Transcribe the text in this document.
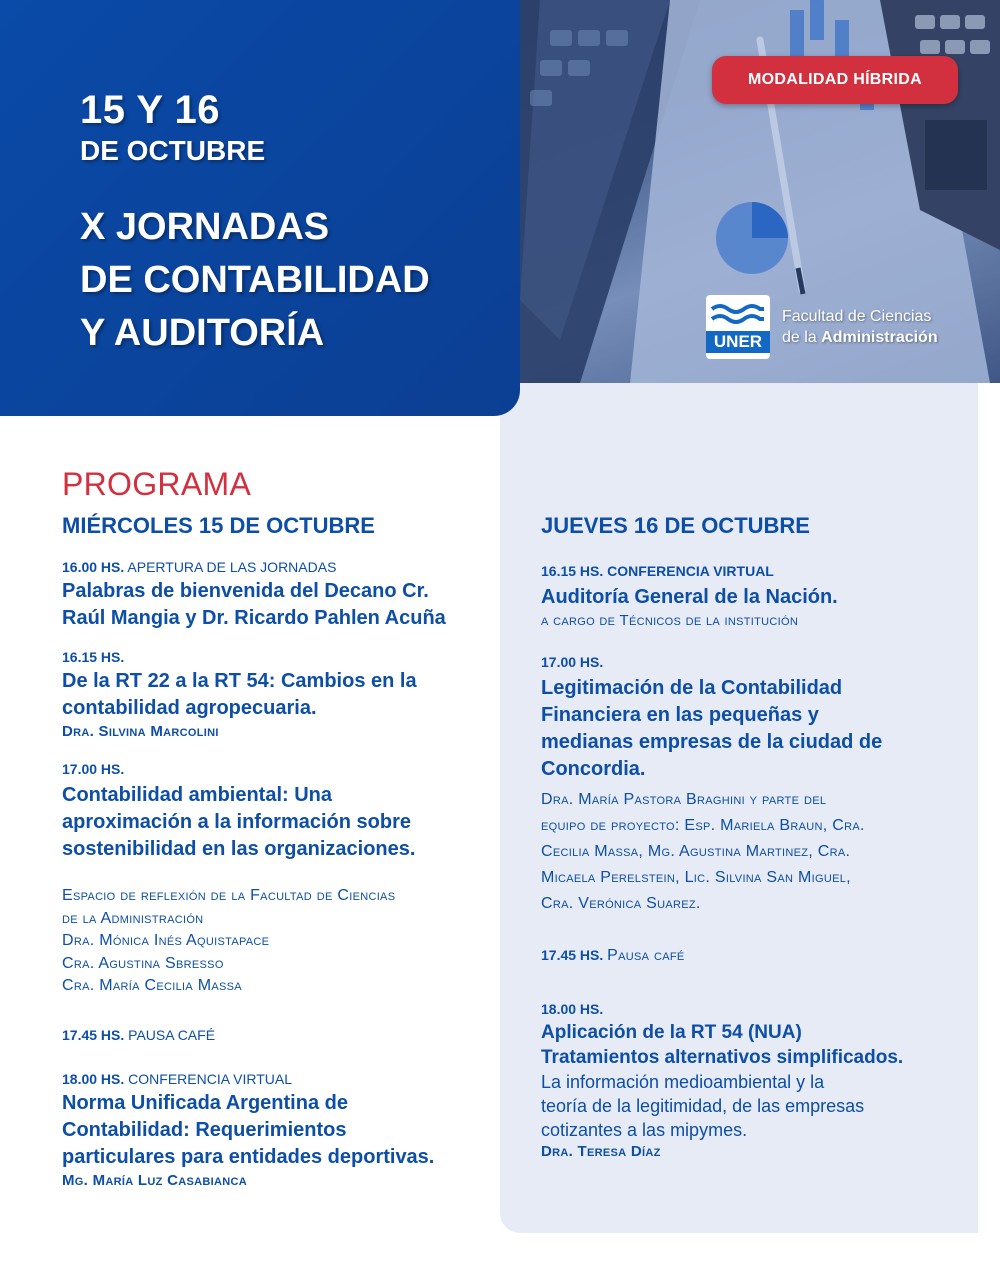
15 Y 16
DE OCTUBRE
X JORNADAS
DE CONTABILIDAD
Y AUDITORÍA
MODALIDAD HÍBRIDA
UNER
Facultad de Ciencias
de la Administración
PROGRAMA
MIÉRCOLES 15 DE OCTUBRE
16.00 HS. APERTURA DE LAS JORNADAS
Palabras de bienvenida del Decano Cr.
Raúl Mangia y Dr. Ricardo Pahlen Acuña
16.15 HS.
De la RT 22 a la RT 54: Cambios en la
contabilidad agropecuaria.
Dra. Silvina Marcolini
17.00 HS.
Contabilidad ambiental: Una
aproximación a la información sobre
sostenibilidad en las organizaciones.
Espacio de reflexión de la Facultad de Ciencias
de la Administración
Dra. Mónica Inés Aquistapace
Cra. Agustina Sbresso
Cra. María Cecilia Massa
17.45 HS. PAUSA CAFÉ
18.00 HS. CONFERENCIA VIRTUAL
Norma Unificada Argentina de
Contabilidad: Requerimientos
particulares para entidades deportivas.
Mg. María Luz Casabianca
JUEVES 16 DE OCTUBRE
16.15 HS. CONFERENCIA VIRTUAL
Auditoría General de la Nación.
a cargo de Técnicos de la institución
17.00 HS.
Legitimación de la Contabilidad
Financiera en las pequeñas y
medianas empresas de la ciudad de
Concordia.
Dra. María Pastora Braghini y parte del
equipo de proyecto: Esp. Mariela Braun, Cra.
Cecilia Massa, Mg. Agustina Martinez, Cra.
Micaela Perelstein, Lic. Silvina San Miguel,
Cra. Verónica Suarez.
17.45 HS. Pausa café
18.00 HS.
Aplicación de la RT 54 (NUA)
Tratamientos alternativos simplificados.
La información medioambiental y la
teoría de la legitimidad, de las empresas
cotizantes a las mipymes.
Dra. Teresa Díaz
